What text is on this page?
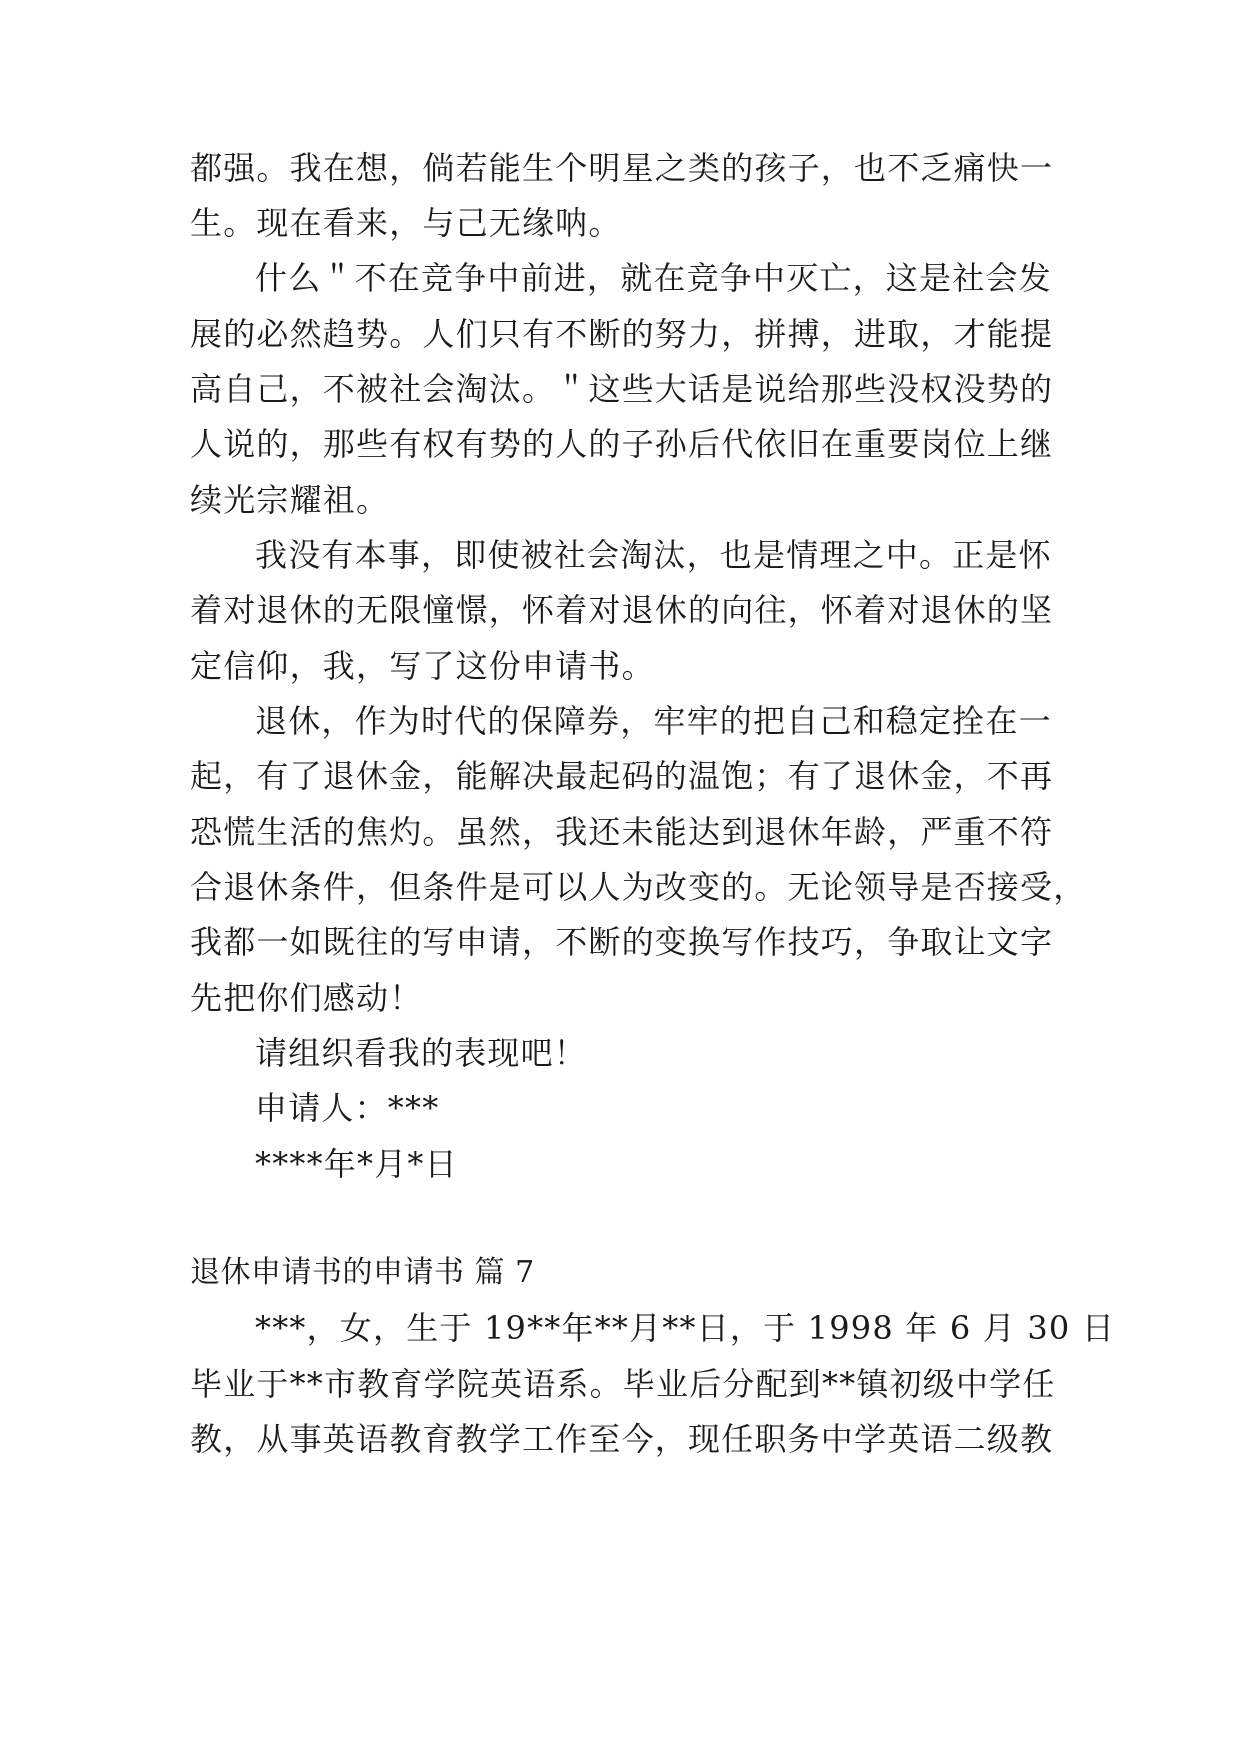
都强。我在想，倘若能生个明星之类的孩子，也不乏痛快一
生。现在看来，与己无缘呐。
什么＂不在竞争中前进，就在竞争中灭亡，这是社会发
展的必然趋势。人们只有不断的努力，拼搏，进取，才能提
高自己，不被社会淘汰。＂这些大话是说给那些没权没势的
人说的，那些有权有势的人的子孙后代依旧在重要岗位上继
续光宗耀祖。
我没有本事，即使被社会淘汰，也是情理之中。正是怀
着对退休的无限憧憬，怀着对退休的向往，怀着对退休的坚
定信仰，我，写了这份申请书。
退休，作为时代的保障券，牢牢的把自己和稳定拴在一
起，有了退休金，能解决最起码的温饱；有了退休金，不再
恐慌生活的焦灼。虽然，我还未能达到退休年龄，严重不符
合退休条件，但条件是可以人为改变的。无论领导是否接受，
我都一如既往的写申请，不断的变换写作技巧，争取让文字
先把你们感动！
请组织看我的表现吧！
申请人：***
****年*月*日
退休申请书的申请书 篇 7
***，女，生于 19**年**月**日，于 1998 年 6 月 30 日
毕业于**市教育学院英语系。毕业后分配到**镇初级中学任
教，从事英语教育教学工作至今，现任职务中学英语二级教
